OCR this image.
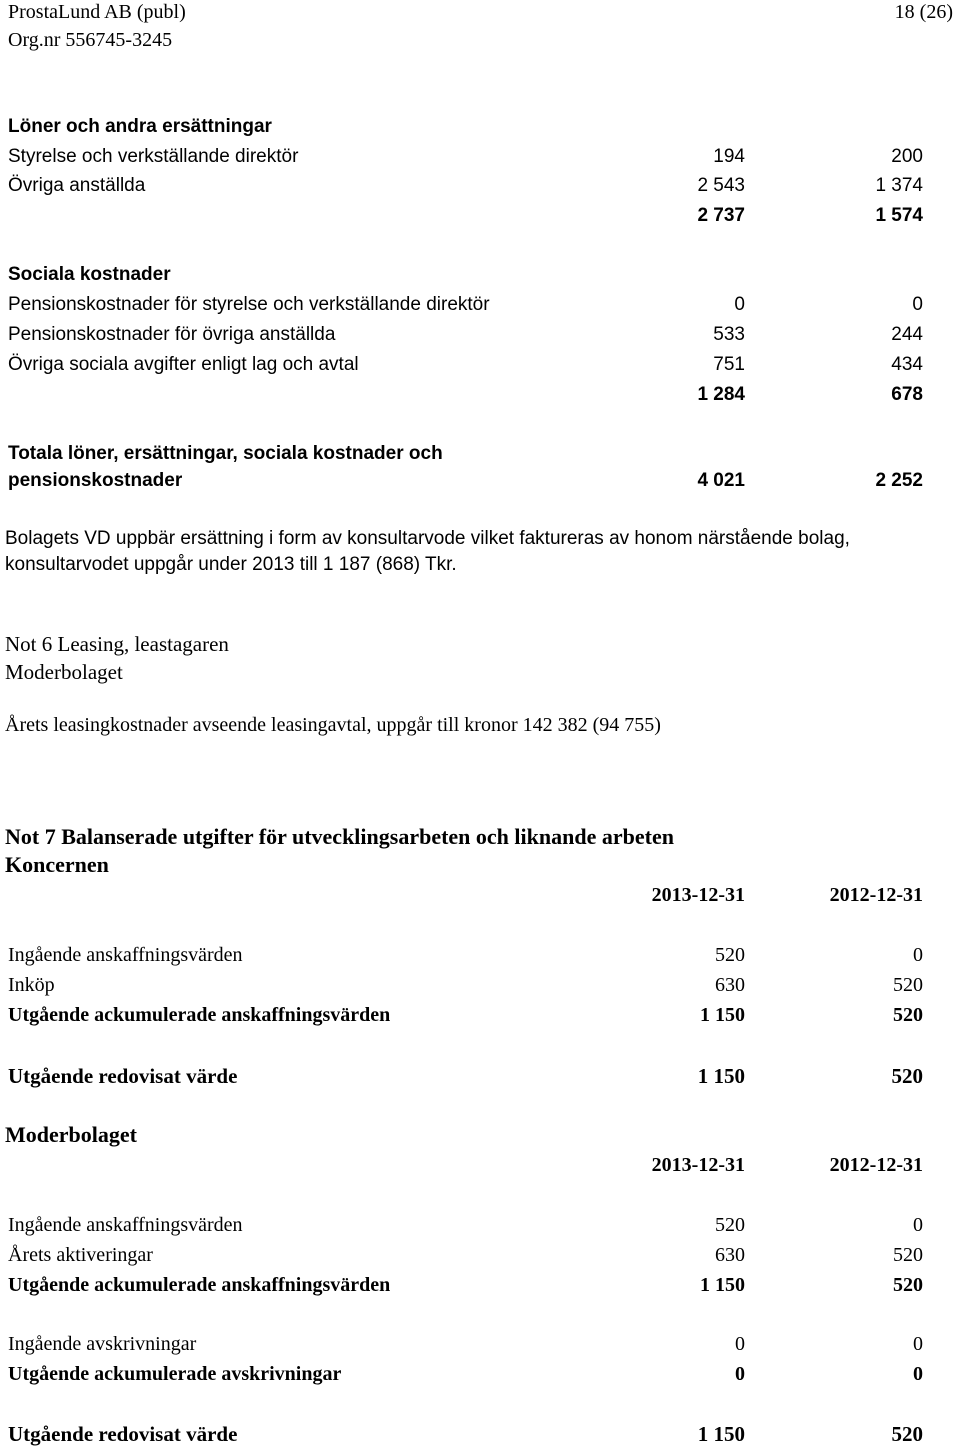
ProstaLund AB (publ)	18 (26)
Org.nr 556745-3245
Löner och andra ersättningar
Styrelse och verkställande direktör	194	200
Övriga anställda	2 543	1 374
2 737	1 574
Sociala kostnader
Pensionskostnader för styrelse och verkställande direktör	0	0
Pensionskostnader för övriga anställda	533	244
Övriga sociala avgifter enligt lag och avtal	751	434
1 284	678
Totala löner, ersättningar, sociala kostnader och
pensionskostnader	4 021	2 252
Bolagets VD uppbär ersättning i form av konsultarvode vilket faktureras av honom närstående bolag,
konsultarvodet uppgår under 2013 till 1 187 (868) Tkr.
Not 6 Leasing, leastagaren
Moderbolaget
Årets leasingkostnader avseende leasingavtal, uppgår till kronor 142 382 (94 755)
Not 7 Balanserade utgifter för utvecklingsarbeten och liknande arbeten
Koncernen
2013-12-31	2012-12-31
Ingående anskaffningsvärden	520	0
Inköp	630	520
Utgående ackumulerade anskaffningsvärden	1 150	520
Utgående redovisat värde	1 150	520
Moderbolaget
2013-12-31	2012-12-31
Ingående anskaffningsvärden	520	0
Årets aktiveringar	630	520
Utgående ackumulerade anskaffningsvärden	1 150	520
Ingående avskrivningar	0	0
Utgående ackumulerade avskrivningar	0	0
Utgående redovisat värde	1 150	520
